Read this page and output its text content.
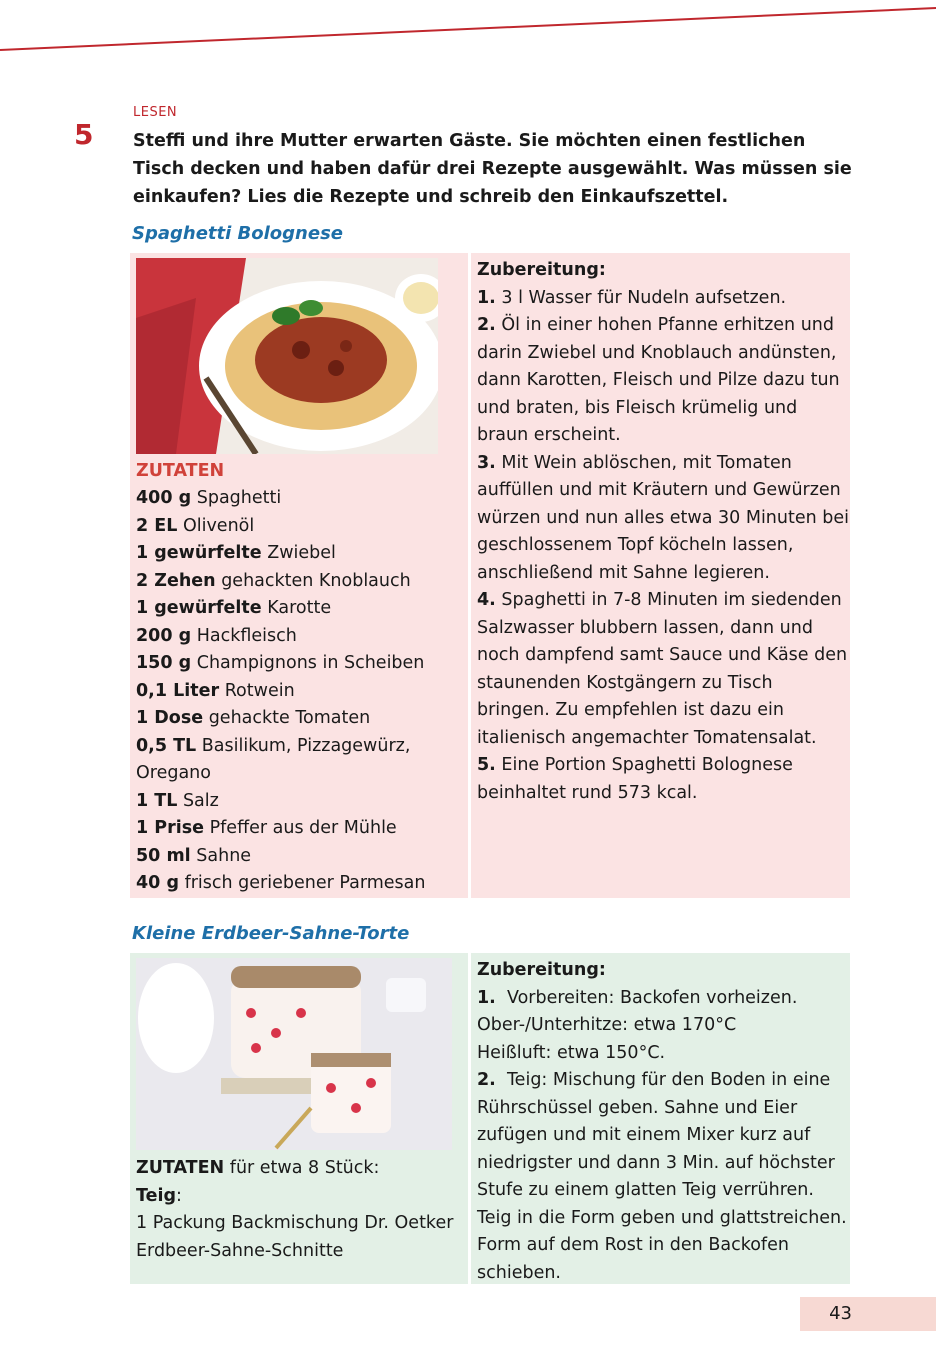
LESEN
5 Steffi und ihre Mutter erwarten Gäste. Sie möchten einen festlichen Tisch decken und haben dafür drei Rezepte ausgewählt. Was müssen sie einkaufen? Lies die Rezepte und schreib den Einkaufszettel.
Spaghetti Bolognese
ZUTATEN
400 g Spaghetti
2 EL Olivenöl
1 gewürfelte Zwiebel
2 Zehen gehackten Knoblauch
1 gewürfelte Karotte
200 g Hackfleisch
150 g Champignons in Scheiben
0,1 Liter Rotwein
1 Dose gehackte Tomaten
0,5 TL Basilikum, Pizzagewürz, Oregano
1 TL Salz
1 Prise Pfeffer aus der Mühle
50 ml Sahne
40 g frisch geriebener Parmesan
Zubereitung:
1. 3 l Wasser für Nudeln aufsetzen.
2. Öl in einer hohen Pfanne erhitzen und darin Zwiebel und Knoblauch andünsten, dann Karotten, Fleisch und Pilze dazu tun und braten, bis Fleisch krümelig und braun erscheint.
3. Mit Wein ablöschen, mit Tomaten auffüllen und mit Kräutern und Gewürzen würzen und nun alles etwa 30 Minuten bei geschlossenem Topf köcheln lassen, anschließend mit Sahne legieren.
4. Spaghetti in 7-8 Minuten im siedenden Salzwasser blubbern lassen, dann und noch dampfend samt Sauce und Käse den staunenden Kostgängern zu Tisch bringen. Zu empfehlen ist dazu ein italienisch angemachter Tomatensalat.
5. Eine Portion Spaghetti Bolognese beinhaltet rund 573 kcal.
Kleine Erdbeer-Sahne-Torte
ZUTATEN für etwa 8 Stück:
Teig:
1 Packung Backmischung Dr. Oetker Erdbeer-Sahne-Schnitte
Zubereitung:
1. Vorbereiten: Backofen vorheizen.
Ober-/Unterhitze: etwa 170°C
Heißluft: etwa 150°C.
2. Teig: Mischung für den Boden in eine Rührschüssel geben. Sahne und Eier zufügen und mit einem Mixer kurz auf niedrigster und dann 3 Min. auf höchster Stufe zu einem glatten Teig verrühren. Teig in die Form geben und glattstreichen. Form auf dem Rost in den Backofen schieben.
43
